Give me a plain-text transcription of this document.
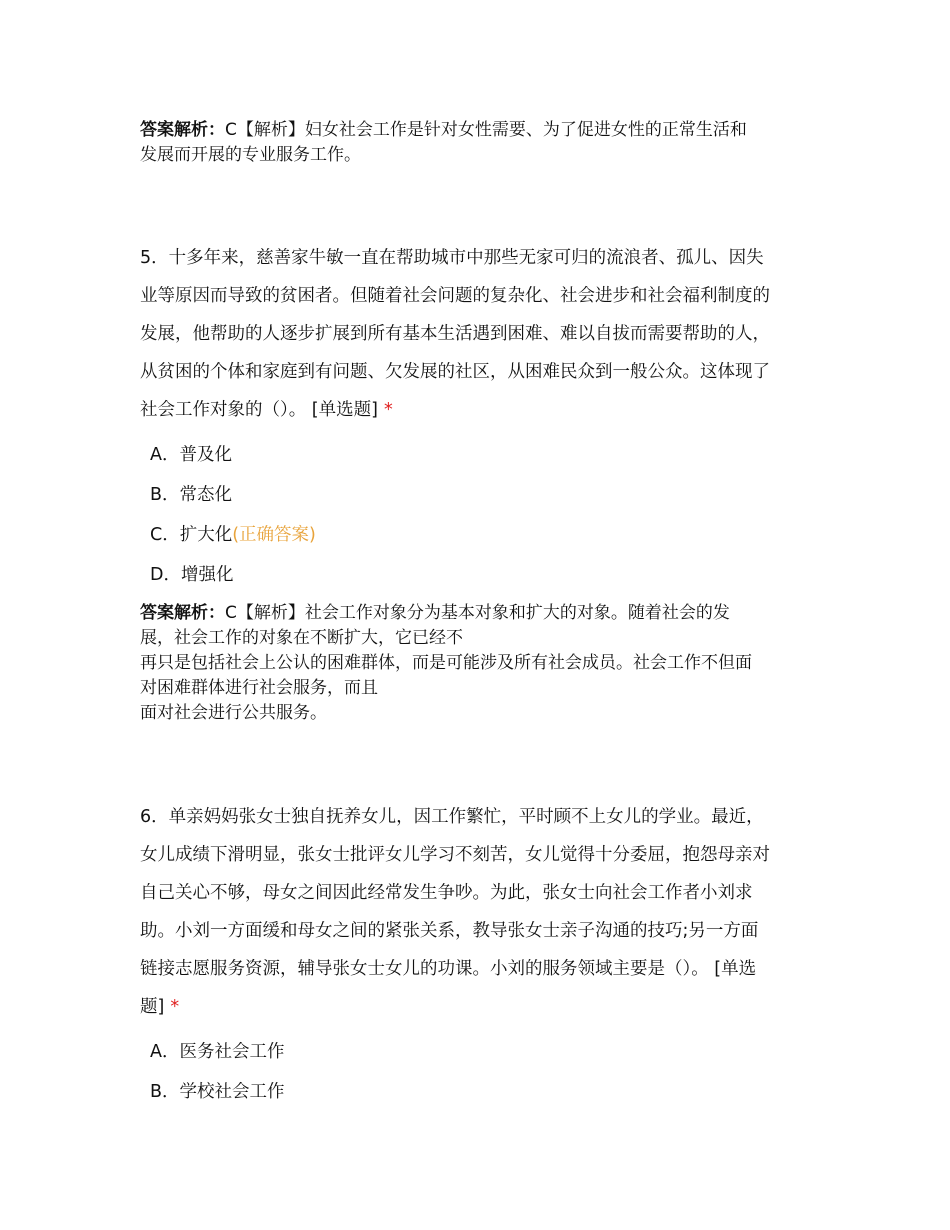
答案解析：C【解析】妇女社会工作是针对女性需要、为了促进女性的正常生活和
发展而开展的专业服务工作。
5．十多年来，慈善家牛敏一直在帮助城市中那些无家可归的流浪者、孤儿、因失
业等原因而导致的贫困者。但随着社会问题的复杂化、社会进步和社会福利制度的
发展，他帮助的人逐步扩展到所有基本生活遇到困难、难以自拔而需要帮助的人，
从贫困的个体和家庭到有问题、欠发展的社区，从困难民众到一般公众。这体现了
社会工作对象的（）。 [单选题] *
A．普及化
B．常态化
C．扩大化(正确答案)
D．增强化
答案解析：C【解析】社会工作对象分为基本对象和扩大的对象。随着社会的发
展，社会工作的对象在不断扩大，它已经不
再只是包括社会上公认的困难群体，而是可能涉及所有社会成员。社会工作不但面
对困难群体进行社会服务，而且
面对社会进行公共服务。
6．单亲妈妈张女士独自抚养女儿，因工作繁忙，平时顾不上女儿的学业。最近，
女儿成绩下滑明显，张女士批评女儿学习不刻苦，女儿觉得十分委屈，抱怨母亲对
自己关心不够，母女之间因此经常发生争吵。为此，张女士向社会工作者小刘求
助。小刘一方面缓和母女之间的紧张关系，教导张女士亲子沟通的技巧;另一方面
链接志愿服务资源，辅导张女士女儿的功课。小刘的服务领域主要是（）。 [单选
题] *
A．医务社会工作
B．学校社会工作
